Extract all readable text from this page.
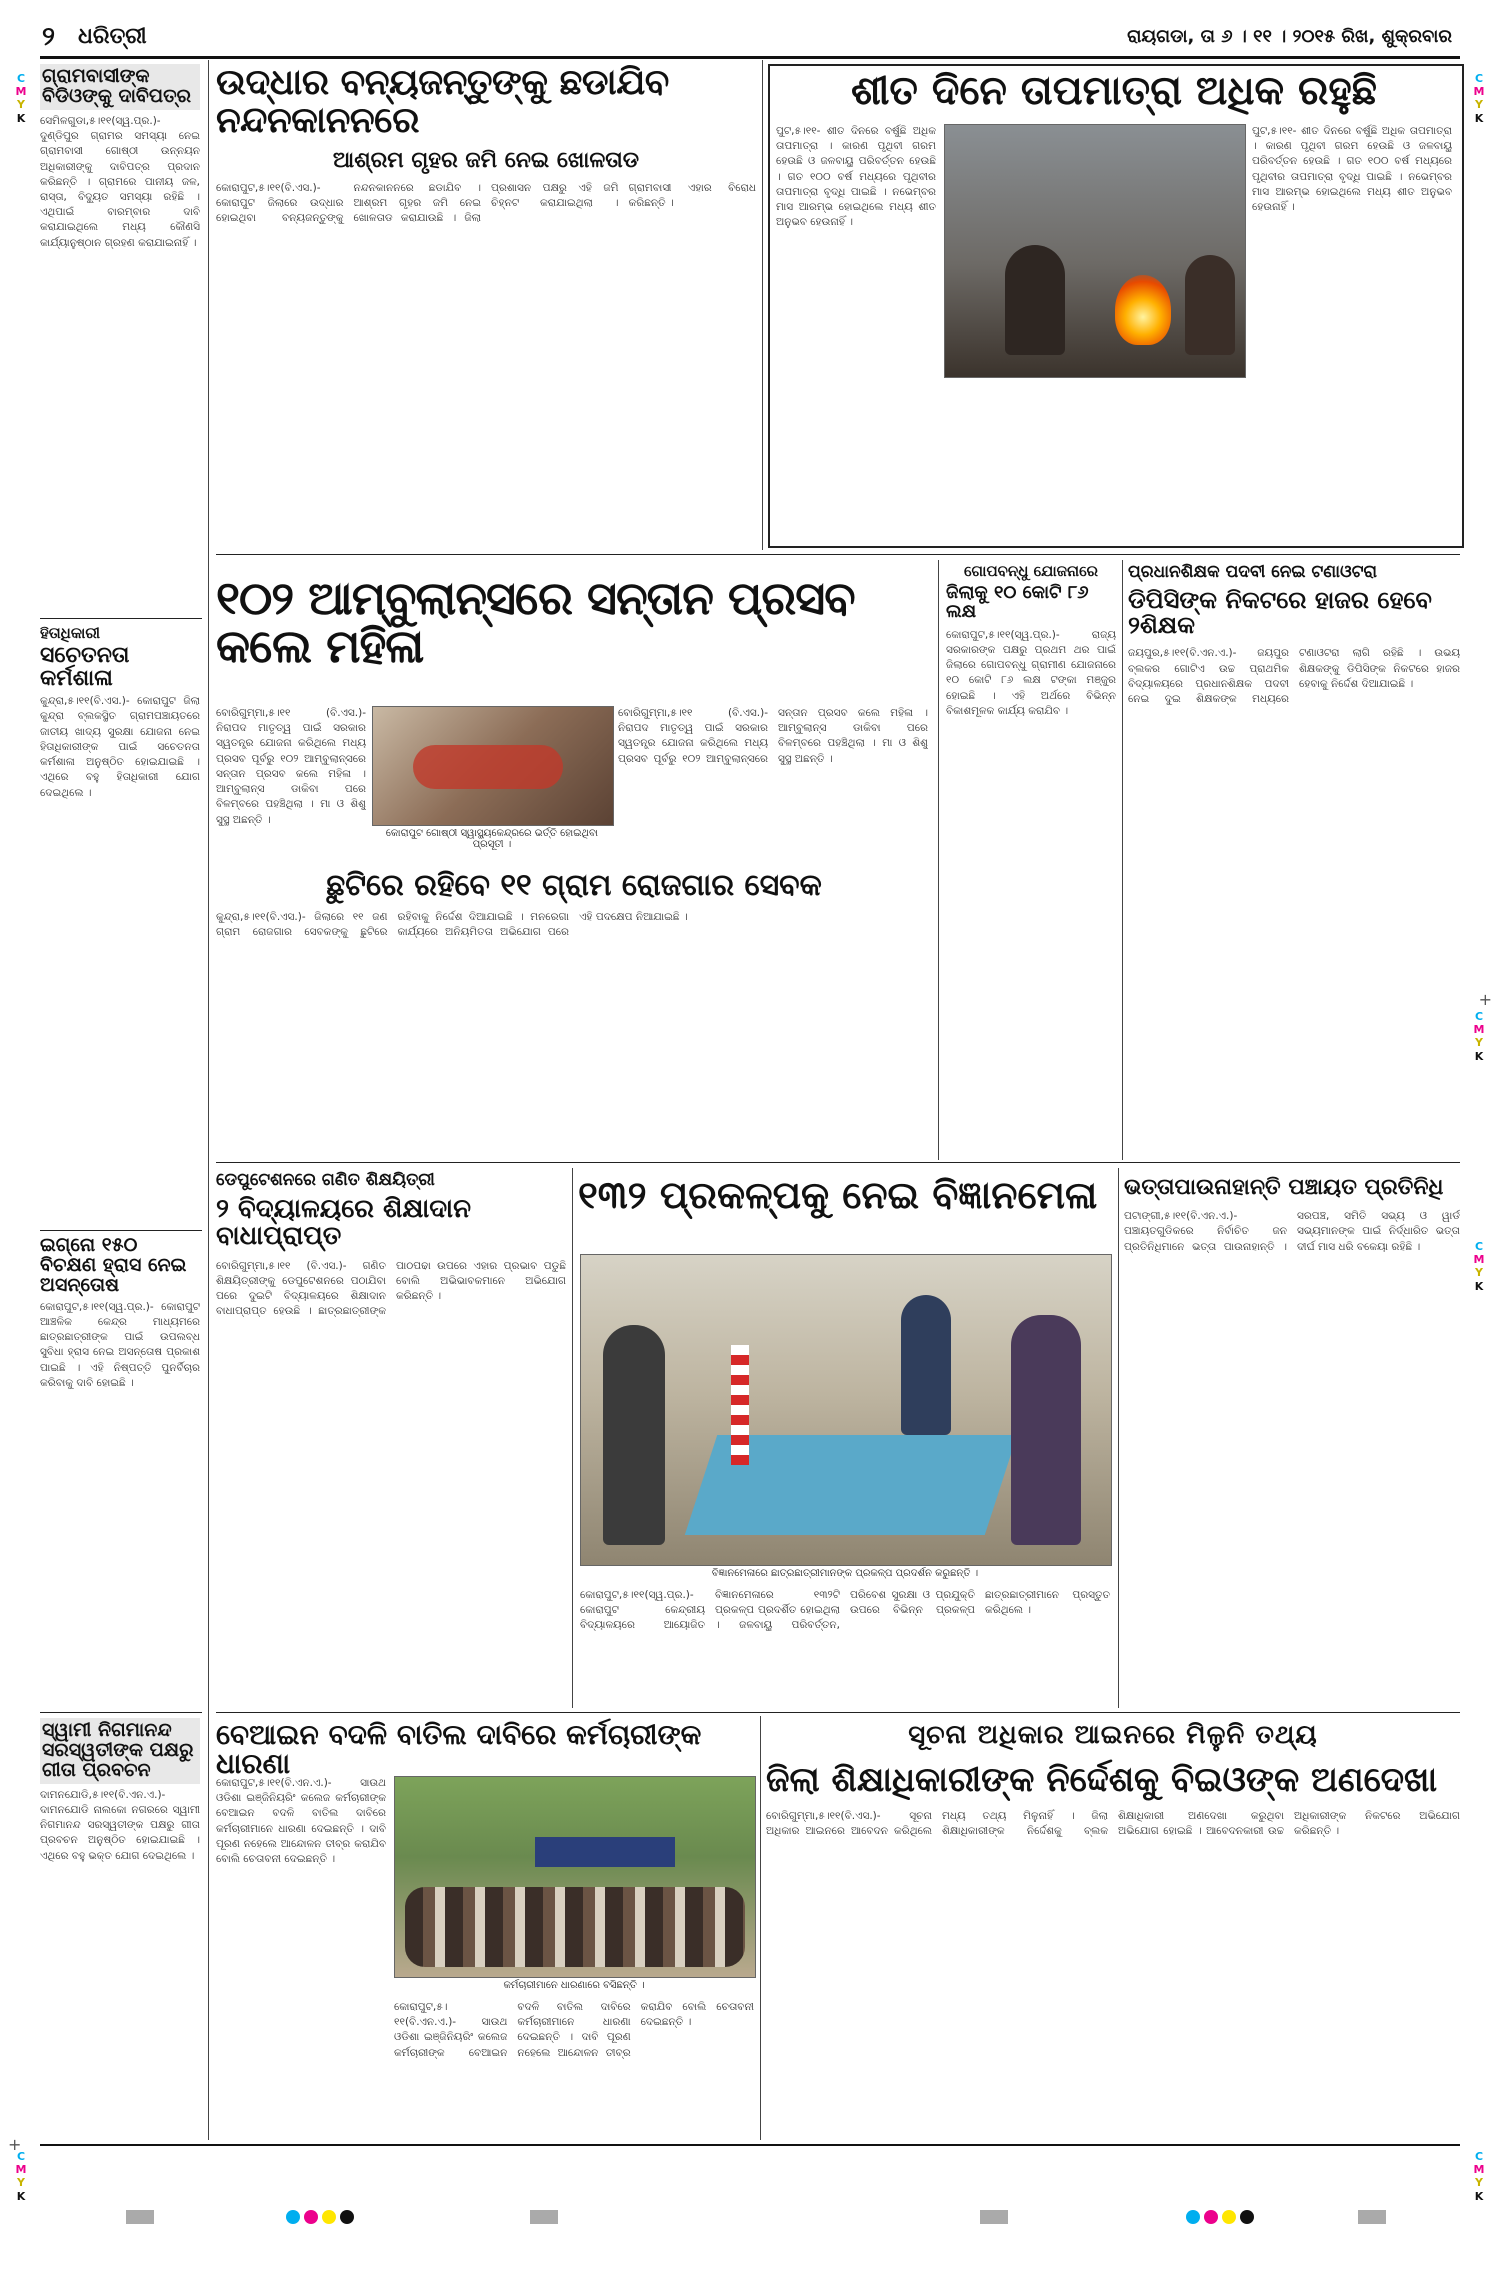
୨ ଧରିତ୍ରୀ	ରାୟଗଡା, ତା ୬ । ୧୧ । ୨୦୧୫ ରିଖ, ଶୁକ୍ରବାର
C
M
Y
K
C
M
Y
K
C
M
Y
K
C
M
Y
K
C
M
Y
K
C
M
Y
K
+
+
ଗ୍ରାମବାସୀଙ୍କ ବିଡିଓଙ୍କୁ ଦାବିପତ୍ର
ସେମିଳଗୁଡା,୫।୧୧(ସ୍ୱ.ପ୍ର.)- ଦୁଣ୍ଡିପୁର ଗ୍ରାମର ସମସ୍ୟା ନେଇ ଗ୍ରାମବାସୀ ଗୋଷ୍ଠୀ ଉନ୍ନୟନ ଅଧିକାରୀଙ୍କୁ ଦାବିପତ୍ର ପ୍ରଦାନ କରିଛନ୍ତି । ଗ୍ରାମରେ ପାନୀୟ ଜଳ, ରାସ୍ତା, ବିଦ୍ୟୁତ ସମସ୍ୟା ରହିଛି । ଏଥିପାଇଁ ବାରମ୍ବାର ଦାବି କରାଯାଇଥିଲେ ମଧ୍ୟ କୌଣସି କାର୍ଯ୍ୟାନୁଷ୍ଠାନ ଗ୍ରହଣ କରାଯାଇନାହିଁ ।
ହିତାଧିକାରୀ
ସଚେତନତା କର୍ମଶାଳା
କୁନ୍ଦ୍ରା,୫।୧୧(ବି.ଏସ.)- କୋରାପୁଟ ଜିଲା କୁନ୍ଦ୍ରା ବ୍ଲକସ୍ଥିତ ଗ୍ରାମପଞ୍ଚାୟତରେ ଜାତୀୟ ଖାଦ୍ୟ ସୁରକ୍ଷା ଯୋଜନା ନେଇ ହିତାଧିକାରୀଙ୍କ ପାଇଁ ସଚେତନତା କର୍ମଶାଳା ଅନୁଷ୍ଠିତ ହୋଇଯାଇଛି । ଏଥିରେ ବହୁ ହିତାଧିକାରୀ ଯୋଗ ଦେଇଥିଲେ ।
ଇଗ୍ନୋ ୧୫୦ ବିଚକ୍ଷଣ ହ୍ରାସ ନେଇ ଅସନ୍ତୋଷ
କୋରାପୁଟ,୫।୧୧(ସ୍ୱ.ପ୍ର.)- କୋରାପୁଟ ଆଞ୍ଚଳିକ କେନ୍ଦ୍ର ମାଧ୍ୟମରେ ଛାତ୍ରଛାତ୍ରୀଙ୍କ ପାଇଁ ଉପଲବ୍ଧ ସୁବିଧା ହ୍ରାସ ନେଇ ଅସନ୍ତୋଷ ପ୍ରକାଶ ପାଇଛି । ଏହି ନିଷ୍ପତ୍ତି ପୁନର୍ବିଚାର କରିବାକୁ ଦାବି ହୋଇଛି ।
ସ୍ୱାମୀ ନିଗମାନନ୍ଦ ସରସ୍ୱତୀଙ୍କ ପକ୍ଷରୁ ଗୀତା ପ୍ରବଚନ
ଦାମନଯୋଡି,୫।୧୧(ବି.ଏନ.ଏ.)- ଦାମନଯୋଡି ନାଲକୋ ନଗରରେ ସ୍ୱାମୀ ନିଗମାନନ୍ଦ ସରସ୍ୱତୀଙ୍କ ପକ୍ଷରୁ ଗୀତା ପ୍ରବଚନ ଅନୁଷ୍ଠିତ ହୋଇଯାଇଛି । ଏଥିରେ ବହୁ ଭକ୍ତ ଯୋଗ ଦେଇଥିଲେ ।
ଉଦ୍ଧାର ବନ୍ୟଜନ୍ତୁଙ୍କୁ ଛଡାଯିବ ନନ୍ଦନକାନନରେ
ଆଶ୍ରମ ଗୃହର ଜମି ନେଇ ଖୋଳତାଡ
କୋରାପୁଟ,୫।୧୧(ବି.ଏସ.)- କୋରାପୁଟ ଜିଲାରେ ଉଦ୍ଧାର ହୋଇଥିବା ବନ୍ୟଜନ୍ତୁଙ୍କୁ ନନ୍ଦନକାନନରେ ଛଡାଯିବ । ଆଶ୍ରମ ଗୃହର ଜମି ନେଇ ଖୋଳତାଡ କରାଯାଉଛି । ଜିଲା ପ୍ରଶାସନ ପକ୍ଷରୁ ଏହି ଜମି ଚିହ୍ନଟ କରାଯାଇଥିଲା । ଗ୍ରାମବାସୀ ଏହାର ବିରୋଧ କରିଛନ୍ତି ।
ଶୀତ ଦିନେ ତାପମାତ୍ରା ଅଧିକ ରହୁଛି
ପୁଟ,୫।୧୧- ଶୀତ ଦିନରେ ବର୍ଷୁଛି ଅଧିକ ତାପମାତ୍ରା । କାରଣ ପୃଥିବୀ ଗରମ ହେଉଛି ଓ ଜଳବାୟୁ ପରିବର୍ତ୍ତନ ହେଉଛି । ଗତ ୧୦୦ ବର୍ଷ ମଧ୍ୟରେ ପୃଥିବୀର ତାପମାତ୍ରା ବୃଦ୍ଧି ପାଇଛି । ନଭେମ୍ବର ମାସ ଆରମ୍ଭ ହୋଇଥିଲେ ମଧ୍ୟ ଶୀତ ଅନୁଭବ ହେଉନାହିଁ ।
ପୁଟ,୫।୧୧- ଶୀତ ଦିନରେ ବର୍ଷୁଛି ଅଧିକ ତାପମାତ୍ରା । କାରଣ ପୃଥିବୀ ଗରମ ହେଉଛି ଓ ଜଳବାୟୁ ପରିବର୍ତ୍ତନ ହେଉଛି । ଗତ ୧୦୦ ବର୍ଷ ମଧ୍ୟରେ ପୃଥିବୀର ତାପମାତ୍ରା ବୃଦ୍ଧି ପାଇଛି । ନଭେମ୍ବର ମାସ ଆରମ୍ଭ ହୋଇଥିଲେ ମଧ୍ୟ ଶୀତ ଅନୁଭବ ହେଉନାହିଁ ।
୧୦୨ ଆମ୍ବୁଲାନ୍ସରେ ସନ୍ତାନ ପ୍ରସବ କଲେ ମହିଳା
କୋରାପୁଟ ଗୋଷ୍ଠୀ ସ୍ୱାସ୍ଥ୍ୟକେନ୍ଦ୍ରରେ ଭର୍ତ୍ତି ହୋଇଥିବା ପ୍ରସୂତୀ ।
ବୋରିଗୁମ୍ମା,୫।୧୧ (ବି.ଏସ.)- ନିରାପଦ ମାତୃତ୍ୱ ପାଇଁ ସରକାର ସ୍ୱତନ୍ତ୍ର ଯୋଜନା କରିଥିଲେ ମଧ୍ୟ ପ୍ରସବ ପୂର୍ବରୁ ୧୦୨ ଆମ୍ବୁଲାନ୍ସରେ ସନ୍ତାନ ପ୍ରସବ କଲେ ମହିଳା । ଆମ୍ବୁଲାନ୍ସ ଡାକିବା ପରେ ବିଳମ୍ବରେ ପହଞ୍ଚିଥିଲା । ମା ଓ ଶିଶୁ ସୁସ୍ଥ ଅଛନ୍ତି ।
ବୋରିଗୁମ୍ମା,୫।୧୧ (ବି.ଏସ.)- ନିରାପଦ ମାତୃତ୍ୱ ପାଇଁ ସରକାର ସ୍ୱତନ୍ତ୍ର ଯୋଜନା କରିଥିଲେ ମଧ୍ୟ ପ୍ରସବ ପୂର୍ବରୁ ୧୦୨ ଆମ୍ବୁଲାନ୍ସରେ ସନ୍ତାନ ପ୍ରସବ କଲେ ମହିଳା । ଆମ୍ବୁଲାନ୍ସ ଡାକିବା ପରେ ବିଳମ୍ବରେ ପହଞ୍ଚିଥିଲା । ମା ଓ ଶିଶୁ ସୁସ୍ଥ ଅଛନ୍ତି ।
ଗୋପବନ୍ଧୁ ଯୋଜନାରେ
ଜିଲାକୁ ୧୦ କୋଟି ୮୬ ଲକ୍ଷ
କୋରାପୁଟ,୫।୧୧(ସ୍ୱ.ପ୍ର.)- ରାଜ୍ୟ ସରକାରଙ୍କ ପକ୍ଷରୁ ପ୍ରଥମ ଥର ପାଇଁ ଜିଲାରେ ଗୋପବନ୍ଧୁ ଗ୍ରାମୀଣ ଯୋଜନାରେ ୧୦ କୋଟି ୮୬ ଲକ୍ଷ ଟଙ୍କା ମଞ୍ଜୁର ହୋଇଛି । ଏହି ଅର୍ଥରେ ବିଭିନ୍ନ ବିକାଶମୂଳକ କାର୍ଯ୍ୟ କରାଯିବ ।
ପ୍ରଧାନଶିକ୍ଷକ ପଦବୀ ନେଇ ଟଣାଓଟରା
ଡିପିସିଙ୍କ ନିକଟରେ ହାଜର ହେବେ ୨ଶିକ୍ଷକ
ଜୟପୁର,୫।୧୧(ବି.ଏନ.ଏ.)- ଜୟପୁର ବ୍ଲକର ଗୋଟିଏ ଉଚ୍ଚ ପ୍ରାଥମିକ ବିଦ୍ୟାଳୟରେ ପ୍ରଧାନଶିକ୍ଷକ ପଦବୀ ନେଇ ଦୁଇ ଶିକ୍ଷକଙ୍କ ମଧ୍ୟରେ ଟଣାଓଟରା ଲାଗି ରହିଛି । ଉଭୟ ଶିକ୍ଷକଙ୍କୁ ଡିପିସିଙ୍କ ନିକଟରେ ହାଜର ହେବାକୁ ନିର୍ଦ୍ଦେଶ ଦିଆଯାଇଛି ।
ଛୁଟିରେ ରହିବେ ୧୧ ଗ୍ରାମ ରୋଜଗାର ସେବକ
କୁନ୍ଦ୍ରା,୫।୧୧(ବି.ଏସ.)- ଜିଲାରେ ୧୧ ଜଣ ଗ୍ରାମ ରୋଜଗାର ସେବକଙ୍କୁ ଛୁଟିରେ ରହିବାକୁ ନିର୍ଦ୍ଦେଶ ଦିଆଯାଇଛି । ମନରେଗା କାର୍ଯ୍ୟରେ ଅନିୟମିତତା ଅଭିଯୋଗ ପରେ ଏହି ପଦକ୍ଷେପ ନିଆଯାଇଛି ।
ଡେପୁଟେଶନରେ ଗଣିତ ଶିକ୍ଷୟିତ୍ରୀ
୨ ବିଦ୍ୟାଳୟରେ ଶିକ୍ଷାଦାନ ବାଧାପ୍ରାପ୍ତ
ବୋରିଗୁମ୍ମା,୫।୧୧ (ବି.ଏସ.)- ଗଣିତ ଶିକ୍ଷୟିତ୍ରୀଙ୍କୁ ଡେପୁଟେଶନରେ ପଠାଯିବା ପରେ ଦୁଇଟି ବିଦ୍ୟାଳୟରେ ଶିକ୍ଷାଦାନ ବାଧାପ୍ରାପ୍ତ ହେଉଛି । ଛାତ୍ରଛାତ୍ରୀଙ୍କ ପାଠପଢା ଉପରେ ଏହାର ପ୍ରଭାବ ପଡୁଛି ବୋଲି ଅଭିଭାବକମାନେ ଅଭିଯୋଗ କରିଛନ୍ତି ।
୧୩୨ ପ୍ରକଳ୍ପକୁ ନେଇ ବିଜ୍ଞାନମେଳା
ବିଜ୍ଞାନମେଳାରେ ଛାତ୍ରଛାତ୍ରୀମାନଙ୍କ ପ୍ରକଳ୍ପ ପ୍ରଦର୍ଶନ କରୁଛନ୍ତି ।
କୋରାପୁଟ,୫।୧୧(ସ୍ୱ.ପ୍ର.)- କୋରାପୁଟ କେନ୍ଦ୍ରୀୟ ବିଦ୍ୟାଳୟରେ ଆୟୋଜିତ ବିଜ୍ଞାନମେଳାରେ ୧୩୨ଟି ପ୍ରକଳ୍ପ ପ୍ରଦର୍ଶିତ ହୋଇଥିଲା । ଜଳବାୟୁ ପରିବର୍ତ୍ତନ, ପରିବେଶ ସୁରକ୍ଷା ଓ ପ୍ରଯୁକ୍ତି ଉପରେ ବିଭିନ୍ନ ପ୍ରକଳ୍ପ ଛାତ୍ରଛାତ୍ରୀମାନେ ପ୍ରସ୍ତୁତ କରିଥିଲେ ।
ଭତ୍ତାପାଉନାହାନ୍ତି ପଞ୍ଚାୟତ ପ୍ରତିନିଧି
ପଟାଙ୍ଗୀ,୫।୧୧(ବି.ଏନ.ଏ.)- ପଞ୍ଚାୟତଗୁଡିକରେ ନିର୍ବାଚିତ ଜନ ପ୍ରତିନିଧିମାନେ ଭତ୍ତା ପାଉନାହାନ୍ତି । ସରପଞ୍ଚ, ସମିତି ସଭ୍ୟ ଓ ୱାର୍ଡ ସଭ୍ୟମାନଙ୍କ ପାଇଁ ନିର୍ଦ୍ଧାରିତ ଭତ୍ତା ଦୀର୍ଘ ମାସ ଧରି ବକେୟା ରହିଛି ।
ବେଆଇନ ବଦଳି ବାତିଲ ଦାବିରେ କର୍ମଚାରୀଙ୍କ ଧାରଣା
କୋରାପୁଟ,୫।୧୧(ବି.ଏନ.ଏ.)- ସାଉଥ ଓଡିଶା ଇଞ୍ଜିନିୟରିଂ କଲେଜ କର୍ମଚାରୀଙ୍କ ବେଆଇନ ବଦଳି ବାତିଲ ଦାବିରେ କର୍ମଚାରୀମାନେ ଧାରଣା ଦେଇଛନ୍ତି । ଦାବି ପୂରଣ ନହେଲେ ଆନ୍ଦୋଳନ ତୀବ୍ର କରାଯିବ ବୋଲି ଚେତାବନୀ ଦେଇଛନ୍ତି ।
କର୍ମଚାରୀମାନେ ଧାରଣାରେ ବସିଛନ୍ତି ।
କୋରାପୁଟ,୫।୧୧(ବି.ଏନ.ଏ.)- ସାଉଥ ଓଡିଶା ଇଞ୍ଜିନିୟରିଂ କଲେଜ କର୍ମଚାରୀଙ୍କ ବେଆଇନ ବଦଳି ବାତିଲ ଦାବିରେ କର୍ମଚାରୀମାନେ ଧାରଣା ଦେଇଛନ୍ତି । ଦାବି ପୂରଣ ନହେଲେ ଆନ୍ଦୋଳନ ତୀବ୍ର କରାଯିବ ବୋଲି ଚେତାବନୀ ଦେଇଛନ୍ତି ।
ସୂଚନା ଅଧିକାର ଆଇନରେ ମିଳୁନି ତଥ୍ୟ
ଜିଲା ଶିକ୍ଷାଧିକାରୀଙ୍କ ନିର୍ଦ୍ଦେଶକୁ ବିଇଓଙ୍କ ଅଣଦେଖା
ବୋରିଗୁମ୍ମା,୫।୧୧(ବି.ଏସ.)- ସୂଚନା ଅଧିକାର ଆଇନରେ ଆବେଦନ କରିଥିଲେ ମଧ୍ୟ ତଥ୍ୟ ମିଳୁନାହିଁ । ଜିଲା ଶିକ୍ଷାଧିକାରୀଙ୍କ ନିର୍ଦ୍ଦେଶକୁ ବ୍ଲକ ଶିକ୍ଷାଧିକାରୀ ଅଣଦେଖା କରୁଥିବା ଅଭିଯୋଗ ହୋଇଛି । ଆବେଦନକାରୀ ଉଚ୍ଚ ଅଧିକାରୀଙ୍କ ନିକଟରେ ଅଭିଯୋଗ କରିଛନ୍ତି ।
